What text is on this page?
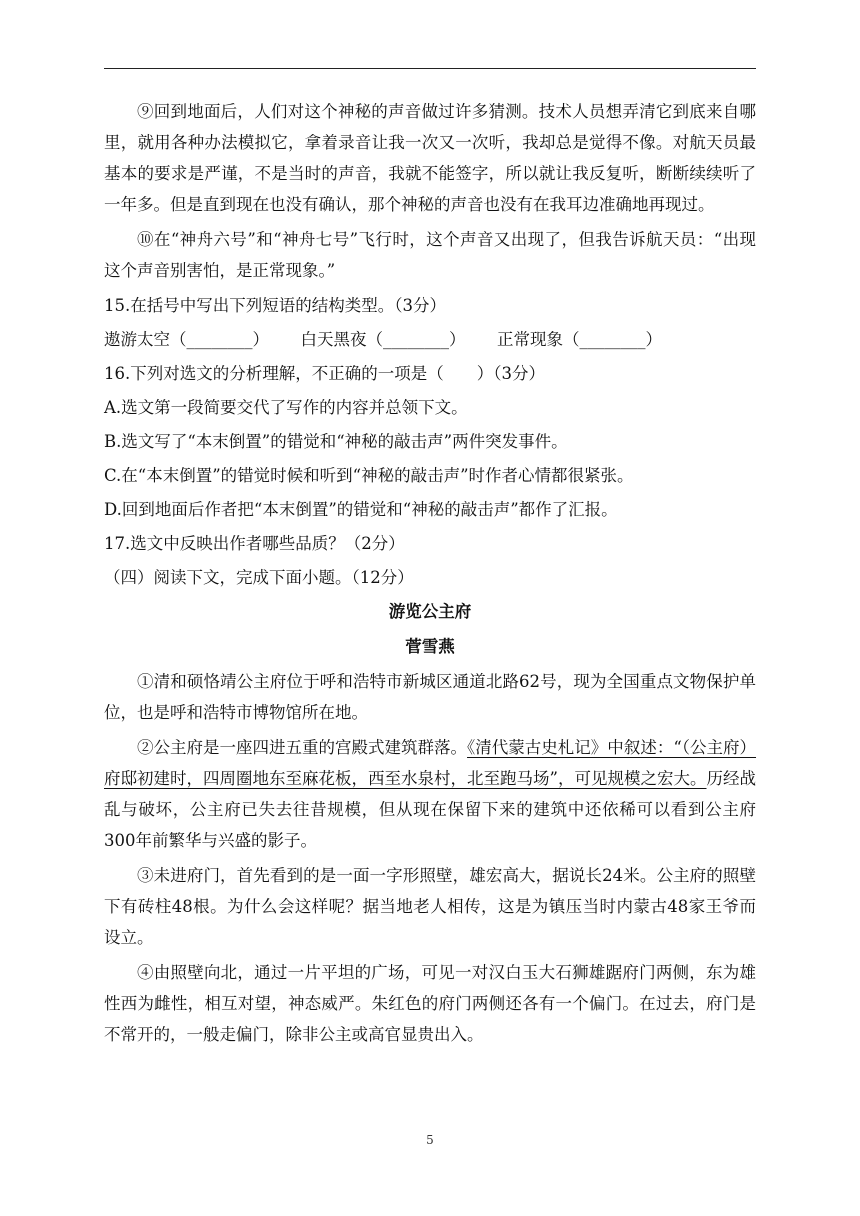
⑨回到地面后，人们对这个神秘的声音做过许多猜测。技术人员想弄清它到底来自哪里，就用各种办法模拟它，拿着录音让我一次又一次听，我却总是觉得不像。对航天员最基本的要求是严谨，不是当时的声音，我就不能签字，所以就让我反复听，断断续续听了一年多。但是直到现在也没有确认，那个神秘的声音也没有在我耳边准确地再现过。

⑩在“神舟六号”和“神舟七号”飞行时，这个声音又出现了，但我告诉航天员：“出现这个声音别害怕，是正常现象。”

15.在括号中写出下列短语的结构类型。（3分）
遨游太空（________） 白天黑夜（________） 正常现象（________）
16.下列对选文的分析理解，不正确的一项是（　　）（3分）
A.选文第一段简要交代了写作的内容并总领下文。
B.选文写了“本末倒置”的错觉和“神秘的敲击声”两件突发事件。
C.在“本末倒置”的错觉时候和听到“神秘的敲击声”时作者心情都很紧张。
D.回到地面后作者把“本末倒置”的错觉和“神秘的敲击声”都作了汇报。
17.选文中反映出作者哪些品质？（2分）
（四）阅读下文，完成下面小题。（12分）
游览公主府
菅雪燕

①清和硕恪靖公主府位于呼和浩特市新城区通道北路62号，现为全国重点文物保护单位，也是呼和浩特市博物馆所在地。

②公主府是一座四进五重的宫殿式建筑群落。《清代蒙古史札记》中叙述：“（公主府）府邸初建时，四周圈地东至麻花板，西至水泉村，北至跑马场”，可见规模之宏大。历经战乱与破坏，公主府已失去往昔规模，但从现在保留下来的建筑中还依稀可以看到公主府300年前繁华与兴盛的影子。

③未进府门，首先看到的是一面一字形照壁，雄宏高大，据说长24米。公主府的照壁下有砖柱48根。为什么会这样呢？据当地老人相传，这是为镇压当时内蒙古48家王爷而设立。

④由照壁向北，通过一片平坦的广场，可见一对汉白玉大石狮雄踞府门两侧，东为雄性西为雌性，相互对望，神态威严。朱红色的府门两侧还各有一个偏门。在过去，府门是不常开的，一般走偏门，除非公主或高官显贵出入。

5
